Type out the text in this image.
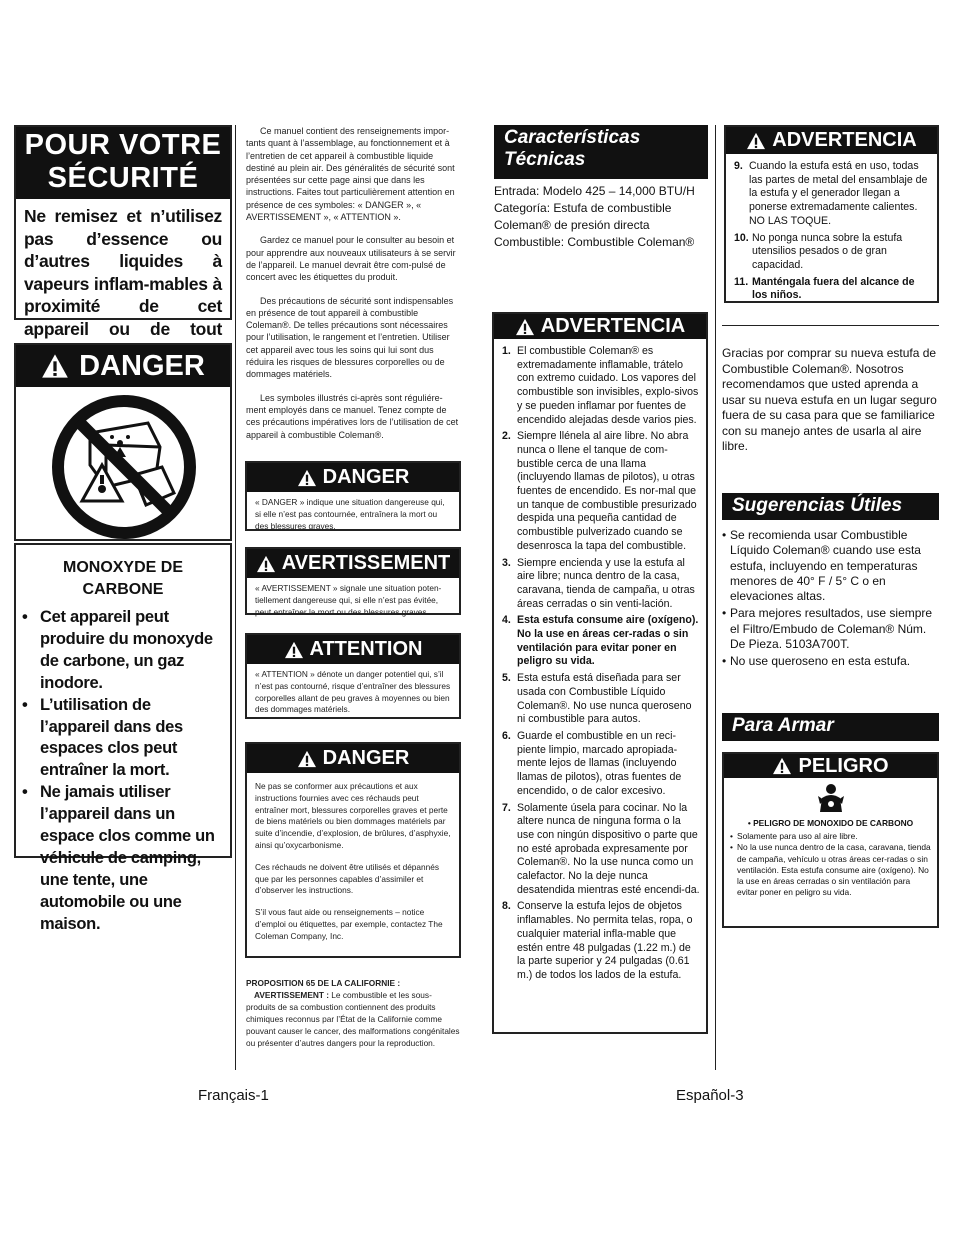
POUR VOTRE
SÉCURITÉ
Ne remisez et n’utilisez pas d’essence ou d’autres liquides à vapeurs inflam-mables à proximité de cet appareil ou de tout
DANGER
MONOXYDE DE
CARBONE
• Cet appareil peut produire du monoxyde de carbone, un gaz inodore.
• L’utilisation de l’appareil dans des espaces clos peut entraîner la mort.
• Ne jamais utiliser l’appareil dans un espace clos comme un véhicule de camping, une tente, une automobile ou une maison.

Ce manuel contient des renseignements impor-tants quant à l’assemblage, au fonctionnement et à l’entretien de cet appareil à combustible liquide destiné au plein air. Des généralités de sécurité sont présentées sur cette page ainsi que dans les instructions. Faites tout particulièrement attention en présence de ces symboles: « DANGER », « AVERTISSEMENT », « ATTENTION ».

Gardez ce manuel pour le consulter au besoin et pour apprendre aux nouveaux utilisateurs à se servir de l’appareil. Le manuel devrait être com-pulsé de concert avec les étiquettes du produit.

Des précautions de sécurité sont indispensables en présence de tout appareil à combustible Coleman®. De telles précautions sont nécessaires pour l’utilisation, le rangement et l’entretien. Utiliser cet appareil avec tous les soins qui lui sont dus réduira les risques de blessures corporelles ou de dommages matériels.

Les symboles illustrés ci-après sont réguliére-ment employés dans ce manuel. Tenez compte de ces précautions impératives lors de l’utilisation de cet appareil à combustible Coleman®.

DANGER
« DANGER » indique une situation dangereuse qui, si elle n’est pas contournée, entraînera la mort ou des blessures graves.
AVERTISSEMENT
« AVERTISSEMENT » signale une situation poten-tiellement dangereuse qui, si elle n’est pas évitée, peut entraîner la mort ou des blessures graves.
ATTENTION
« ATTENTION » dénote un danger potentiel qui, s’il n’est pas contourné, risque d’entraîner des blessures corporelles allant de peu graves à moyennes ou bien des dommages matériels.
DANGER

Ne pas se conformer aux précautions et aux instructions fournies avec ces réchauds peut entraîner mort, blessures corporelles graves et perte de biens matériels ou bien dommages matériels par suite d’incendie, d’explosion, de brûlures, d’asphyxie, ainsi qu’oxycarbonisme.

Ces réchauds ne doivent être utilisés et dépannés que par les personnes capables d’assimiler et d’observer les instructions.

S’il vous faut aide ou renseignements – notice d’emploi ou étiquettes, par exemple, contactez The Coleman Company, Inc.

PROPOSITION 65 DE LA CALIFORNIE :
AVERTISSEMENT : Le combustible et les sous-produits de sa combustion contiennent des produits chimiques reconnus par l’État de la Californie comme pouvant causer le cancer, des malformations congénitales ou présenter d’autres dangers pour la reproduction.
Características
Técnicas
Entrada: Modelo 425 – 14,000 BTU/H
Categoría: Estufa de combustible
Coleman® de presión directa
Combustible: Combustible Coleman®
ADVERTENCIA
1. El combustible Coleman® es extremadamente inflamable, trátelo con extremo cuidado. Los vapores del combustible son invisibles, explo-sivos y se pueden inflamar por fuentes de encendido alejadas desde varios pies.
2. Siempre llénela al aire libre. No abra nunca o llene el tanque de com-bustible cerca de una llama (incluyendo llamas de pilotos), u otras fuentes de encendido. Es nor-mal que un tanque de combustible presurizado despida una pequeña cantidad de combustible pulverizado cuando se desenrosca la tapa del combustible.
3. Siempre encienda y use la estufa al aire libre; nunca dentro de la casa, caravana, tienda de campaña, u otras áreas cerradas o sin venti-lación.
4. Esta estufa consume aire (oxígeno). No la use en áreas cer-radas o sin ventilación para evitar poner en peligro su vida.
5. Esta estufa está diseñada para ser usada con Combustible Líquido Coleman®. No use nunca queroseno ni combustible para autos.
6. Guarde el combustible en un reci-piente limpio, marcado apropiada-mente lejos de llamas (incluyendo llamas de pilotos), otras fuentes de encendido, o de calor excesivo.
7. Solamente úsela para cocinar. No la altere nunca de ninguna forma o la use con ningún dispositivo o parte que no esté aprobada expresamente por Coleman®. No la use nunca como un calefactor. No la deje nunca desatendida mientras esté encendi-da.
8. Conserve la estufa lejos de objetos inflamables. No permita telas, ropa, o cualquier material infla-mable que estén entre 48 pulgadas (1.22 m.) de la parte superior y 24 pulgadas (0.61 m.) de todos los lados de la estufa.
ADVERTENCIA
9. Cuando la estufa está en uso, todas las partes de metal del ensamblaje de la estufa y el generador llegan a ponerse extremadamente calientes. NO LAS TOQUE.
10. No ponga nunca sobre la estufa utensilios pesados o de gran capacidad.
11. Manténgala fuera del alcance de los niños.
Gracias por comprar su nueva estufa de Combustible Coleman®. Nosotros recomendamos que usted aprenda a usar su nueva estufa en un lugar seguro fuera de su casa para que se familiarice con su manejo antes de usarla al aire libre.
Sugerencias Útiles
• Se recomienda usar Combustible Líquido Coleman® cuando use esta estufa, incluyendo en temperaturas menores de 40° F / 5° C o en elevaciones altas.
• Para mejores resultados, use siempre el Filtro/Embudo de Coleman® Núm. De Pieza. 5103A700T.
• No use queroseno en esta estufa.
Para Armar
PELIGRO
• PELIGRO DE MONOXIDO DE CARBONO
• Solamente para uso al aire libre.
• No la use nunca dentro de la casa, caravana, tienda de campaña, vehículo u otras áreas cer-radas o sin ventilación. Esta estufa consume aire (oxígeno). No la use en áreas cerradas o sin ventilación para evitar poner en peligro su vida.
Français-1	Español-3
